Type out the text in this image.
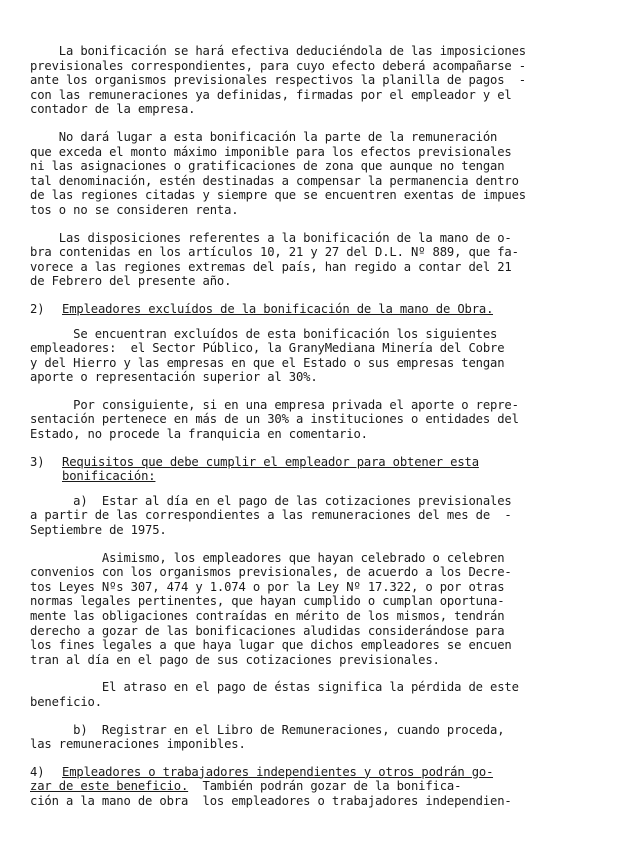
La bonificación se hará efectiva deduciéndola de las imposiciones
previsionales correspondientes, para cuyo efecto deberá acompañarse -
ante los organismos previsionales respectivos la planilla de pagos  -
con las remuneraciones ya definidas, firmadas por el empleador y el
contador de la empresa.
No dará lugar a esta bonificación la parte de la remuneración
que exceda el monto máximo imponible para los efectos previsionales
ni las asignaciones o gratificaciones de zona que aunque no tengan
tal denominación, estén destinadas a compensar la permanencia dentro
de las regiones citadas y siempre que se encuentren exentas de impues
tos o no se consideren renta.
Las disposiciones referentes a la bonificación de la mano de o-
bra contenidas en los artículos 10, 21 y 27 del D.L. Nº 889, que fa-
vorece a las regiones extremas del país, han regido a contar del 21
de Febrero del presente año.
2)	Empleadores excluídos de la bonificación de la mano de Obra.
Se encuentran excluídos de esta bonificación los siguientes
empleadores:  el Sector Público, la GranyMediana Minería del Cobre
y del Hierro y las empresas en que el Estado o sus empresas tengan
aporte o representación superior al 30%.
Por consiguiente, si en una empresa privada el aporte o repre-
sentación pertenece en más de un 30% a instituciones o entidades del
Estado, no procede la franquicia en comentario.
3)	Requisitos que debe cumplir el empleador para obtener esta
bonificación:
a)  Estar al día en el pago de las cotizaciones previsionales
a partir de las correspondientes a las remuneraciones del mes de  -
Septiembre de 1975.
Asimismo, los empleadores que hayan celebrado o celebren
convenios con los organismos previsionales, de acuerdo a los Decre-
tos Leyes Nºs 307, 474 y 1.074 o por la Ley Nº 17.322, o por otras
normas legales pertinentes, que hayan cumplido o cumplan oportuna-
mente las obligaciones contraídas en mérito de los mismos, tendrán
derecho a gozar de las bonificaciones aludidas considerándose para
los fines legales a que haya lugar que dichos empleadores se encuen
tran al día en el pago de sus cotizaciones previsionales.
El atraso en el pago de éstas significa la pérdida de este
beneficio.
b)  Registrar en el Libro de Remuneraciones, cuando proceda,
las remuneraciones imponibles.
4)	Empleadores o trabajadores independientes y otros podrán go-
zar de este beneficio.  También podrán gozar de la bonifica-
ción a la mano de obra  los empleadores o trabajadores independien-
